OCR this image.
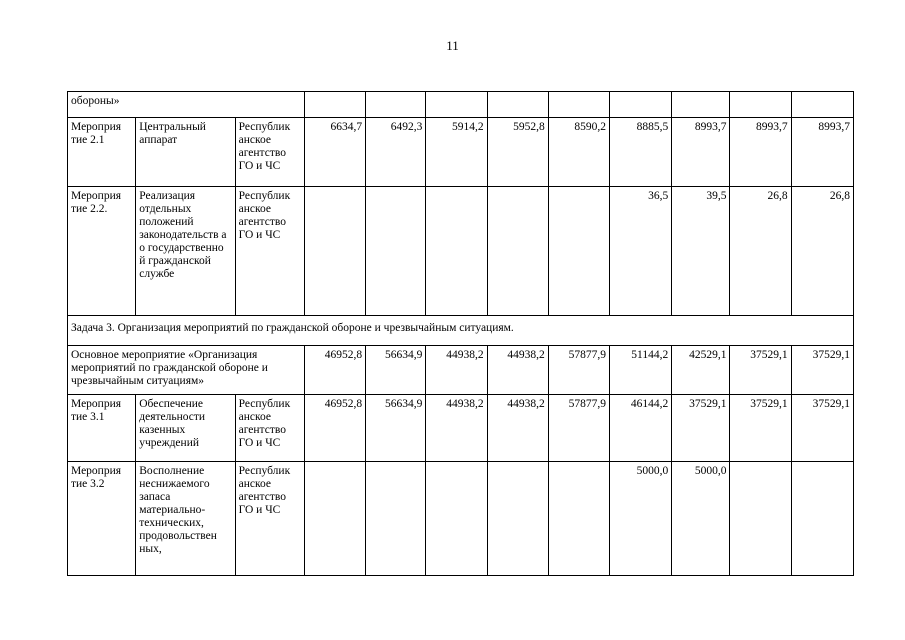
11
обороны»											
Мероприя тие 2.1	Центральный аппарат	Республик анское агентство ГО и ЧС	6634,7	6492,3	5914,2	5952,8	8590,2	8885,5	8993,7	8993,7	8993,7
Мероприя тие 2.2.	Реализация отдельных положений законодательств а о государственно й гражданской службе	Республик анское агентство ГО и ЧС						36,5	39,5	26,8	26,8
Задача 3. Организация мероприятий по гражданской обороне и чрезвычайным ситуациям.											
Основное мероприятие «Организация мероприятий по гражданской обороне и чрезвычайным ситуациям»			46952,8	56634,9	44938,2	44938,2	57877,9	51144,2	42529,1	37529,1	37529,1
Мероприя тие 3.1	Обеспечение деятельности казенных учреждений	Республик анское агентство ГО и ЧС	46952,8	56634,9	44938,2	44938,2	57877,9	46144,2	37529,1	37529,1	37529,1
Мероприя тие 3.2	Восполнение неснижаемого запаса материально-технических, продовольствен ных,	Республик анское агентство ГО и ЧС						5000,0	5000,0		
